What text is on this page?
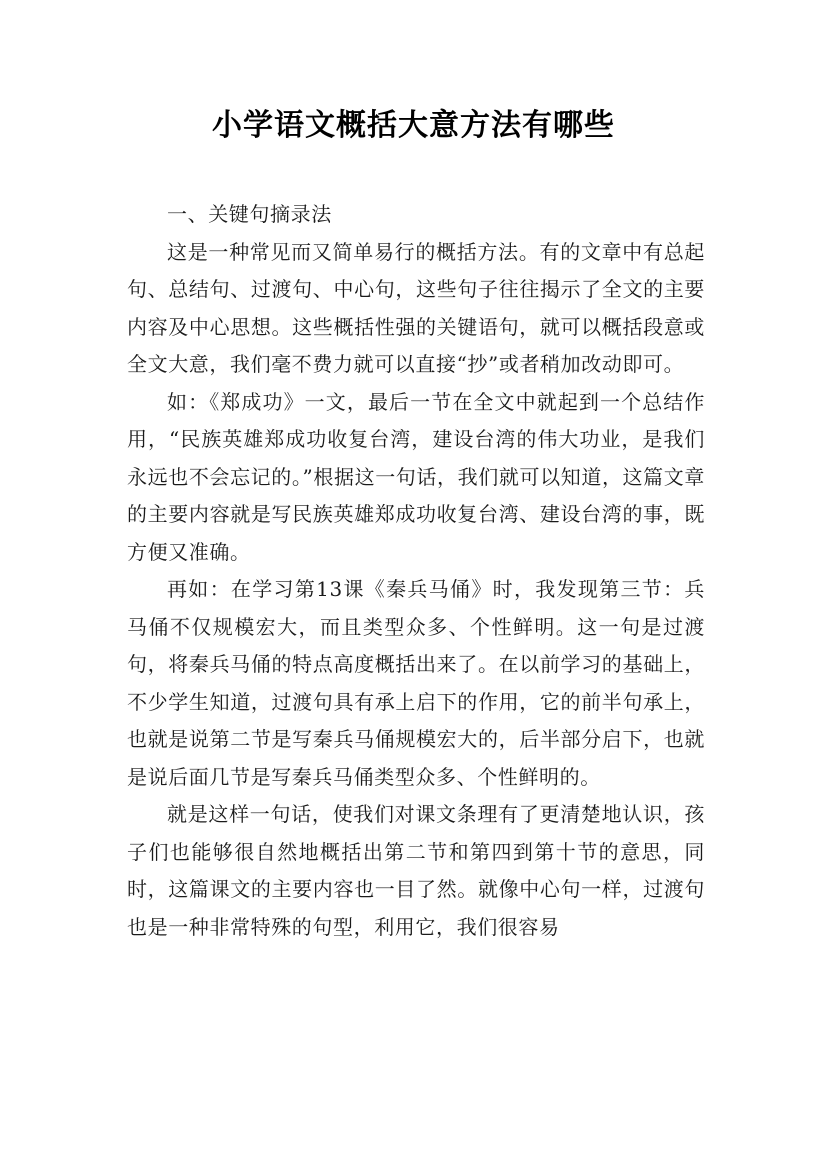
小学语文概括大意方法有哪些

一、关键句摘录法

这是一种常见而又简单易行的概括方法。有的文章中有总起句、总结句、过渡句、中心句，这些句子往往揭示了全文的主要内容及中心思想。这些概括性强的关键语句，就可以概括段意或全文大意，我们毫不费力就可以直接“抄”或者稍加改动即可。

如：《郑成功》一文，最后一节在全文中就起到一个总结作用，“民族英雄郑成功收复台湾，建设台湾的伟大功业，是我们永远也不会忘记的。”根据这一句话，我们就可以知道，这篇文章的主要内容就是写民族英雄郑成功收复台湾、建设台湾的事，既方便又准确。

再如：在学习第13课《秦兵马俑》时，我发现第三节：兵马俑不仅规模宏大，而且类型众多、个性鲜明。这一句是过渡句，将秦兵马俑的特点高度概括出来了。在以前学习的基础上，不少学生知道，过渡句具有承上启下的作用，它的前半句承上，也就是说第二节是写秦兵马俑规模宏大的，后半部分启下，也就是说后面几节是写秦兵马俑类型众多、个性鲜明的。

就是这样一句话，使我们对课文条理有了更清楚地认识，孩子们也能够很自然地概括出第二节和第四到第十节的意思，同时，这篇课文的主要内容也一目了然。就像中心句一样，过渡句也是一种非常特殊的句型，利用它，我们很容易
